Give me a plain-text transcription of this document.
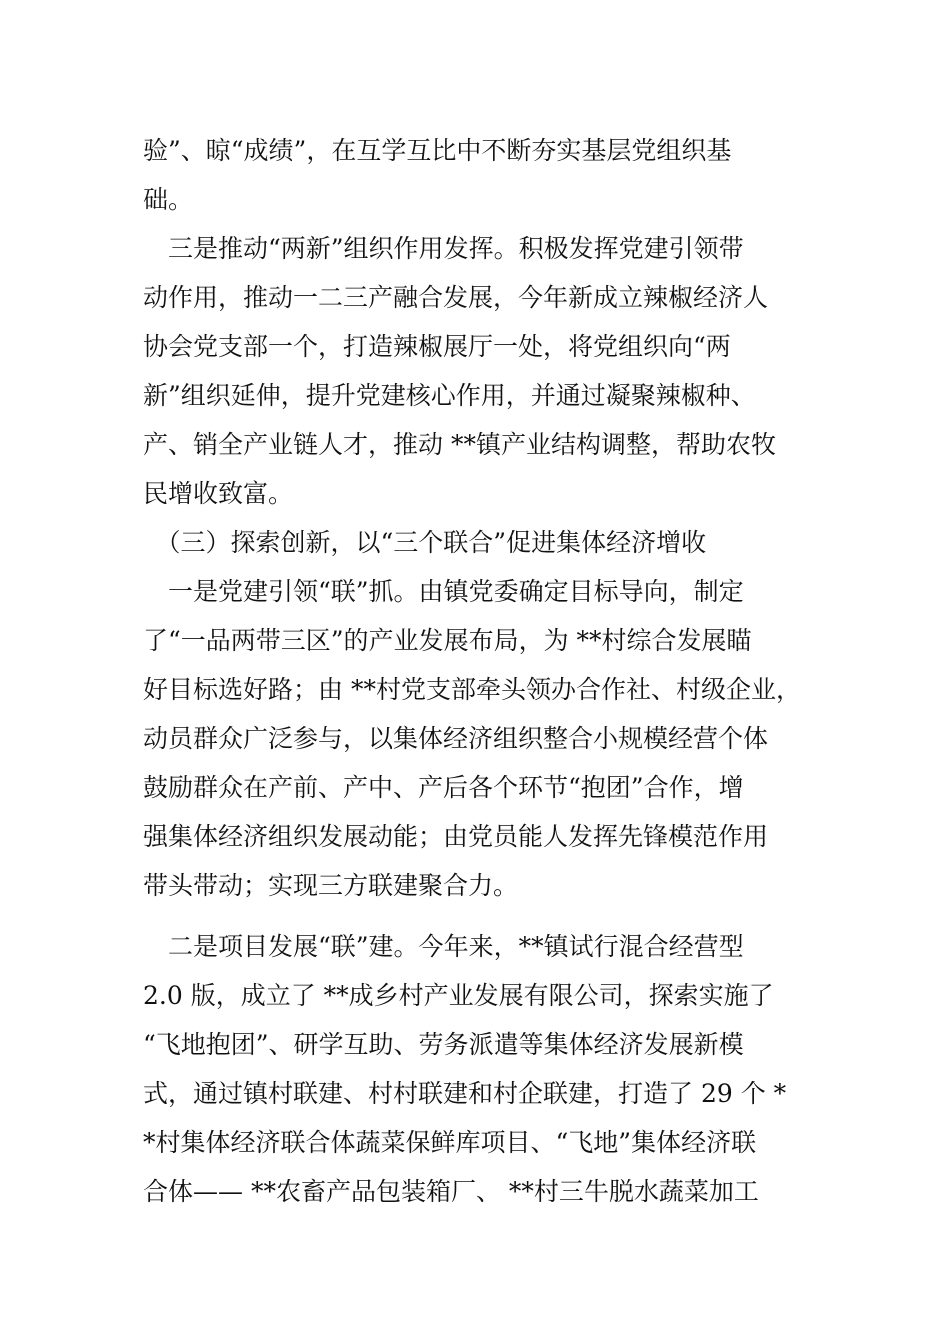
验”、晾“成绩”，在互学互比中不断夯实基层党组织基
础。
　三是推动“两新”组织作用发挥。积极发挥党建引领带
动作用，推动一二三产融合发展，今年新成立辣椒经济人
协会党支部一个，打造辣椒展厅一处，将党组织向“两
新”组织延伸，提升党建核心作用，并通过凝聚辣椒种、
产、销全产业链人才，推动 **镇产业结构调整，帮助农牧
民增收致富。
　（三）探索创新，以“三个联合”促进集体经济增收
　一是党建引领“联”抓。由镇党委确定目标导向，制定
了“一品两带三区”的产业发展布局，为 **村综合发展瞄
好目标选好路；由 **村党支部牵头领办合作社、村级企业，
动员群众广泛参与，以集体经济组织整合小规模经营个体
鼓励群众在产前、产中、产后各个环节“抱团”合作，增
强集体经济组织发展动能；由党员能人发挥先锋模范作用
带头带动；实现三方联建聚合力。
　二是项目发展“联”建。今年来，**镇试行混合经营型
2.0 版，成立了 **成乡村产业发展有限公司，探索实施了
“飞地抱团”、研学互助、劳务派遣等集体经济发展新模
式，通过镇村联建、村村联建和村企联建，打造了 29 个 *
*村集体经济联合体蔬菜保鲜库项目、“飞地”集体经济联
合体—— **农畜产品包装箱厂、 **村三牛脱水蔬菜加工
